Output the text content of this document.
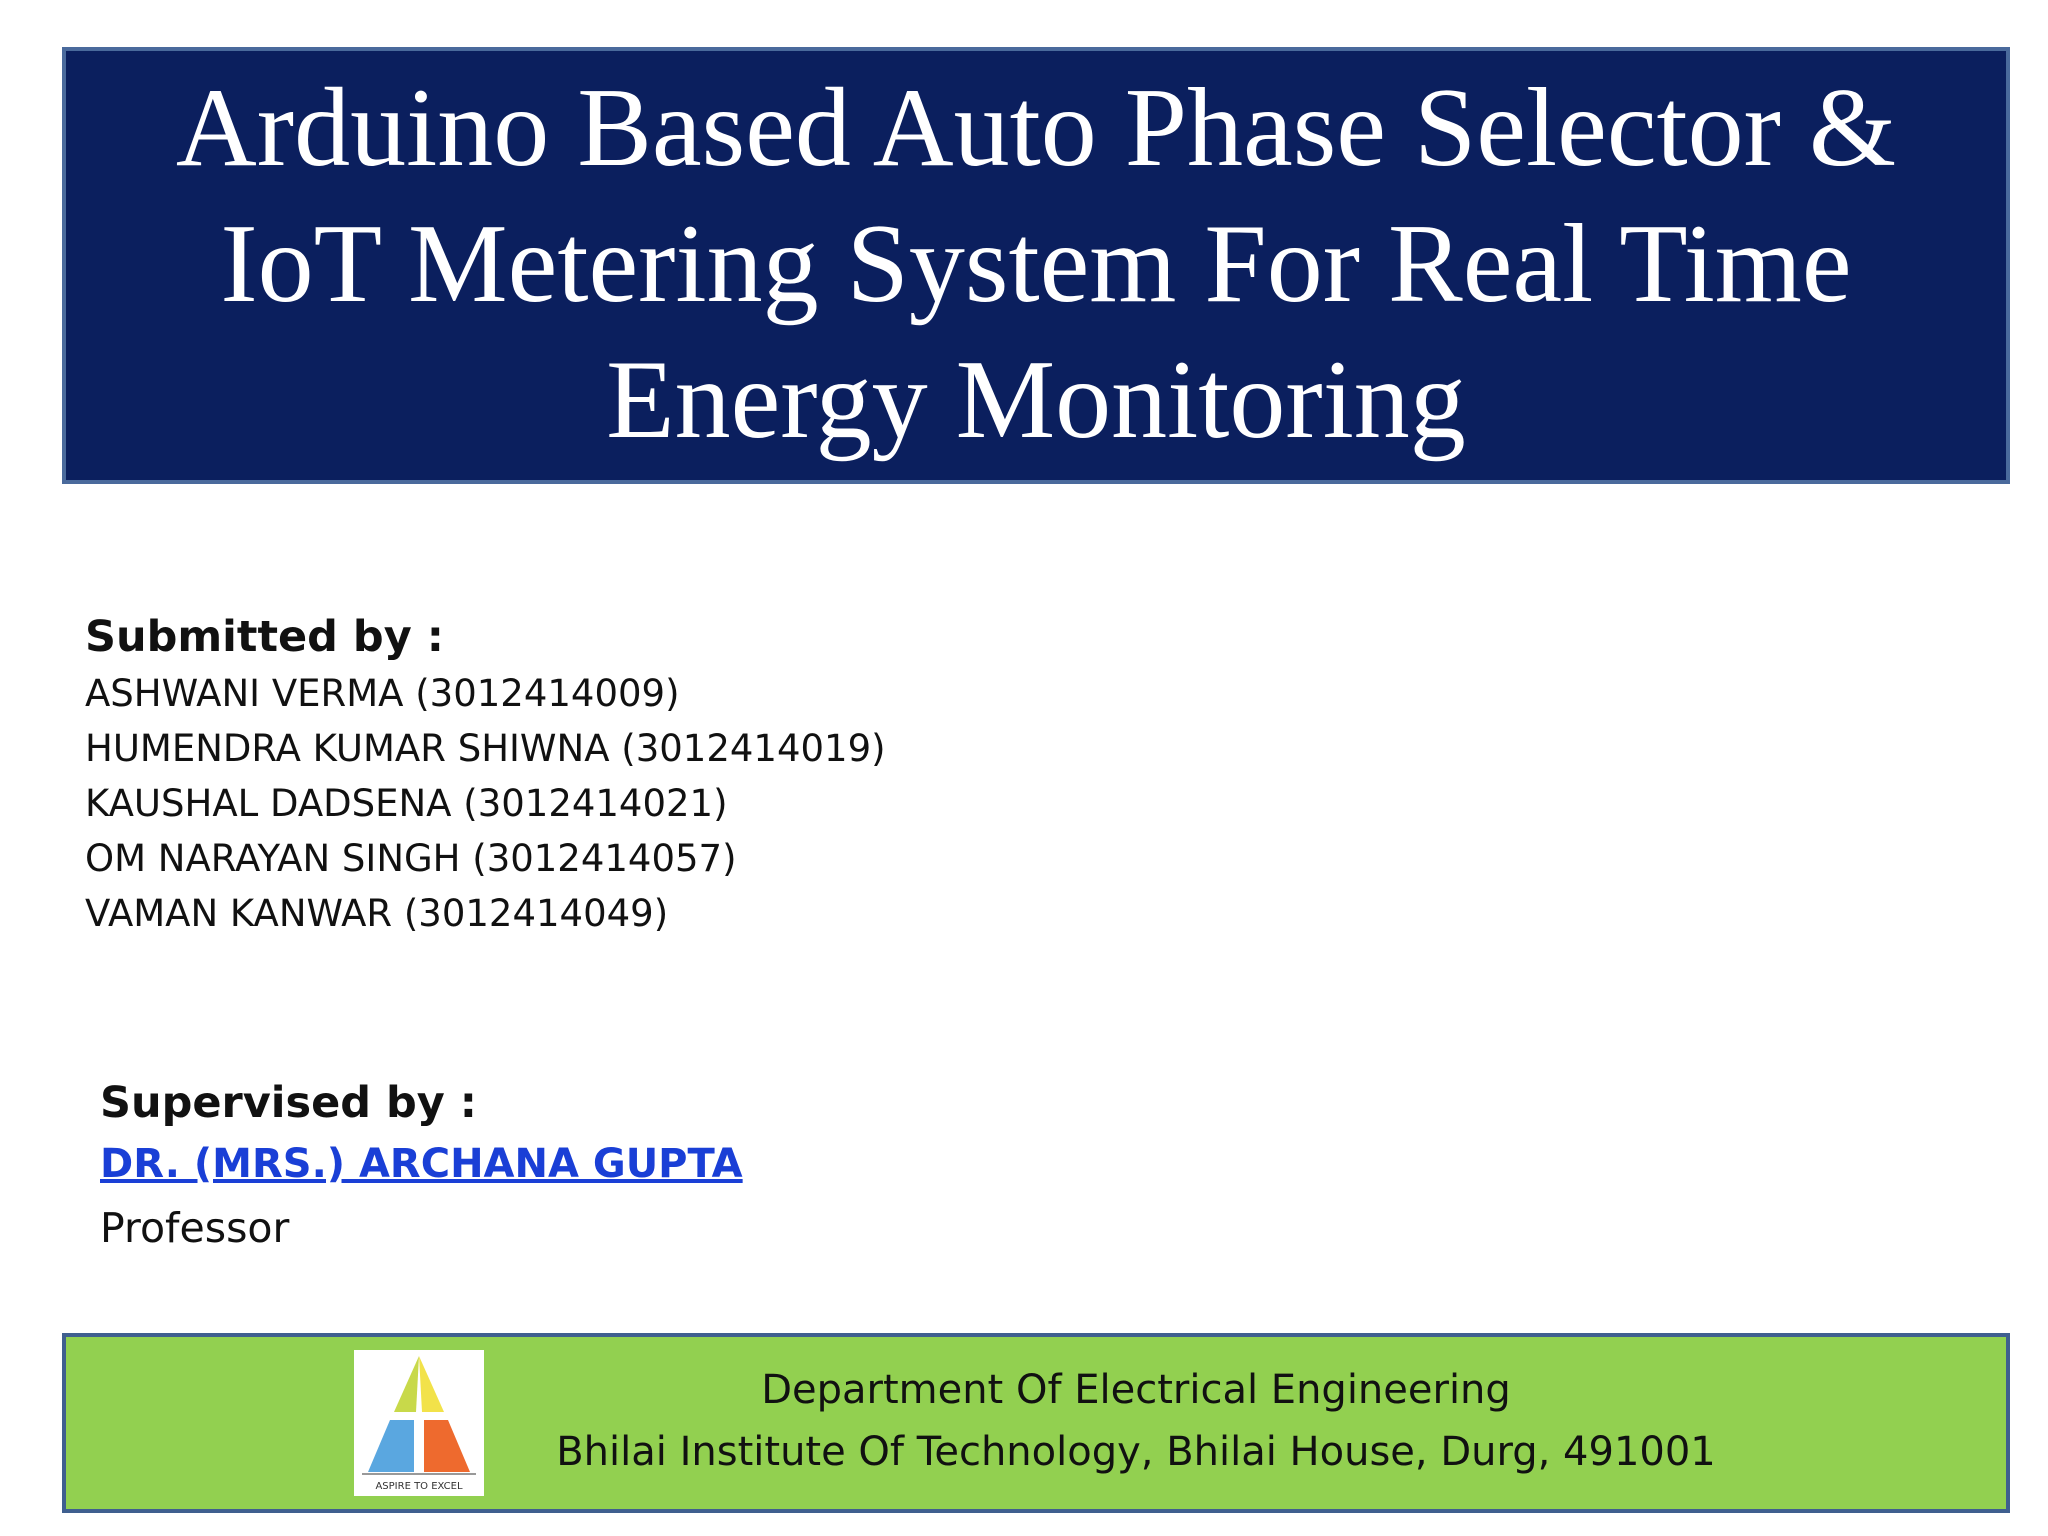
Arduino Based Auto Phase Selector &
IoT Metering System For Real Time
Energy Monitoring
Submitted by :
ASHWANI VERMA (3012414009)
HUMENDRA KUMAR SHIWNA (3012414019)
KAUSHAL DADSENA (3012414021)
OM NARAYAN SINGH (3012414057)
VAMAN KANWAR (3012414049)
Supervised by :
DR. (MRS.) ARCHANA GUPTA
Professor
ASPIRE TO EXCEL
Department Of Electrical Engineering
Bhilai Institute Of Technology, Bhilai House, Durg, 491001
